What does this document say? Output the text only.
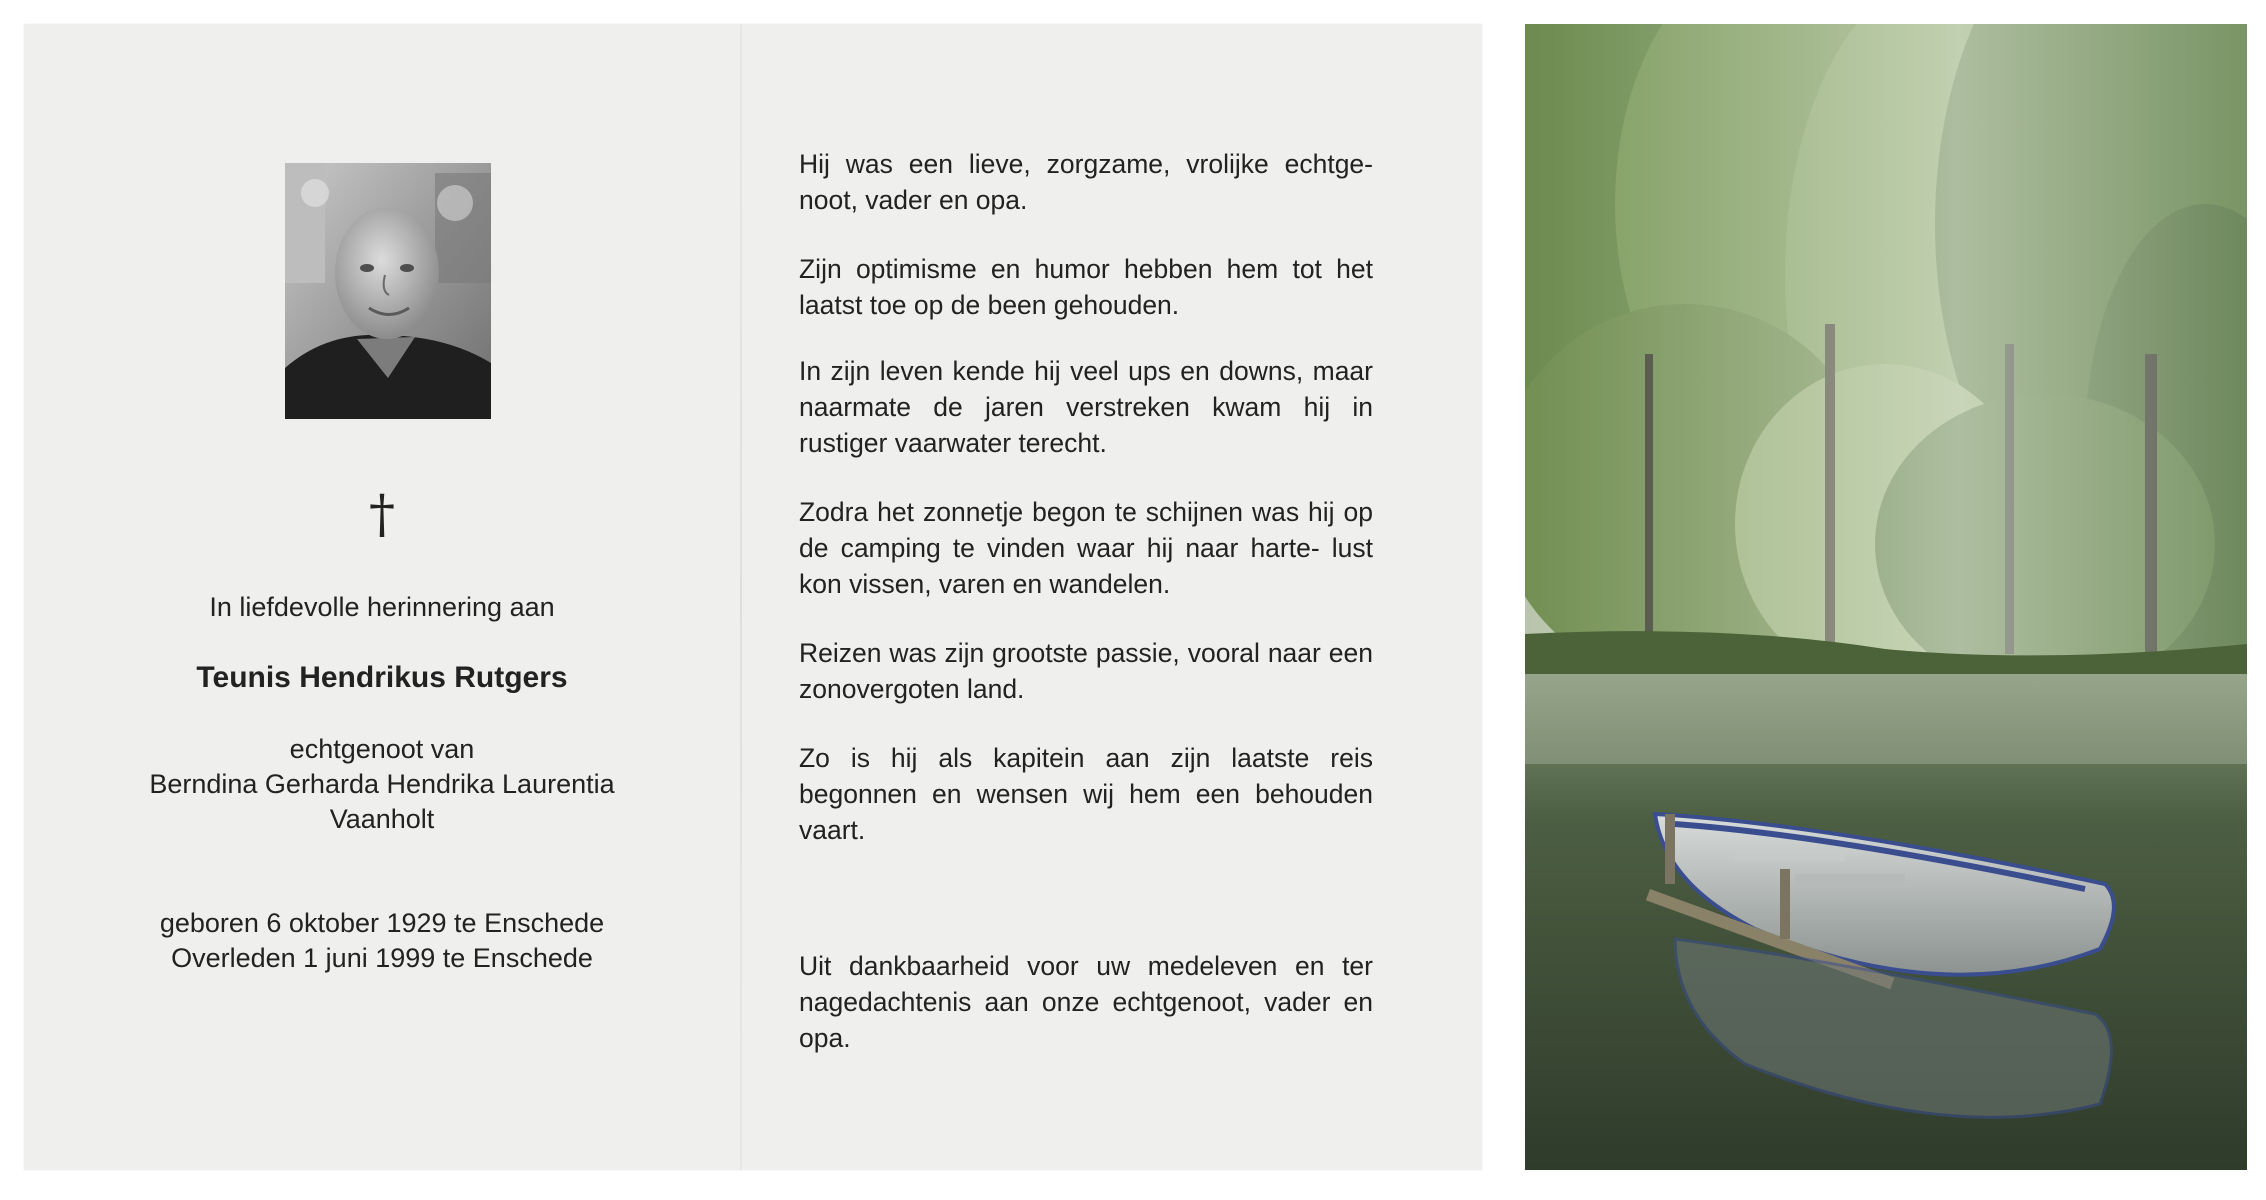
†
In liefdevolle herinnering aan
Teunis Hendrikus Rutgers
echtgenoot van
Berndina Gerharda Hendrika Laurentia
Vaanholt
geboren 6 oktober 1929 te Enschede
Overleden 1 juni 1999 te Enschede

Hij was een lieve, zorgzame, vrolijke echtge- noot, vader en opa.

Zijn optimisme en humor hebben hem tot het laatst toe op de been gehouden.

In zijn leven kende hij veel ups en downs, maar naarmate de jaren verstreken kwam hij in rustiger vaarwater terecht.

Zodra het zonnetje begon te schijnen was hij op de camping te vinden waar hij naar harte- lust kon vissen, varen en wandelen.

Reizen was zijn grootste passie, vooral naar een zonovergoten land.

Zo is hij als kapitein aan zijn laatste reis begonnen en wensen wij hem een behouden vaart.

Uit dankbaarheid voor uw medeleven en ter nagedachtenis aan onze echtgenoot, vader en opa.
